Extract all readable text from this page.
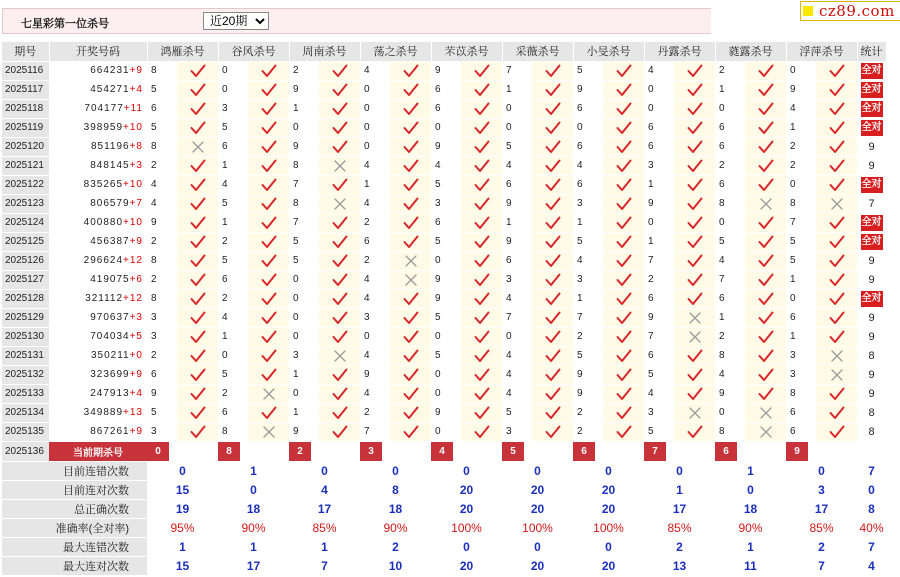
七星彩第一位杀号
近20期
cz89.com
期号	开奖号码	鸿雁杀号		谷风杀号		周南杀号		荡之杀号		芣苡杀号		采薇杀号		小旻杀号		丹露杀号		蕤露杀号		浮萍杀号		统计
2025116	664231+9	8		0		2		4		9		7		5		4		2		0		全对
2025117	454271+4	5		0		9		0		6		1		9		0		1		9		全对
2025118	704177+11	6		3		1		0		6		0		6		0		0		4		全对
2025119	398959+10	5		5		0		0		0		0		0		6		6		1		全对
2025120	851196+8	8		6		9		0		9		5		6		6		6		2		9
2025121	848145+3	2		1		8		4		4		4		4		3		2		2		9
2025122	835265+10	4		4		7		1		5		6		6		1		6		0		全对
2025123	806579+7	4		5		8		4		3		9		3		9		8		8		7
2025124	400880+10	9		1		7		2		6		1		1		0		0		7		全对
2025125	456387+9	2		2		5		6		5		9		5		1		5		5		全对
2025126	296624+12	8		5		5		2		0		6		4		7		4		5		9
2025127	419075+6	2		6		0		4		9		3		3		2		7		1		9
2025128	321112+12	8		2		0		4		9		4		1		6		6		0		全对
2025129	970637+3	3		4		0		3		5		7		7		9		1		6		9
2025130	704034+5	3		1		0		0		0		0		2		7		2		1		9
2025131	350211+0	2		0		3		4		5		4		5		6		8		3		8
2025132	323699+9	6		5		1		9		0		4		9		5		4		3		9
2025133	247913+4	9		2		0		4		0		4		9		4		9		8		9
2025134	349889+13	5		6		1		2		9		5		2		3		0		6		8
2025135	867261+9	3		8		9		7		0		3		2		5		8		6		8
2025136	当前期杀号	0		8		2		3		4		5		6		7		6		9		
目前连错次数		0		1		0		0		0		0		0		0		1		0		7
目前连对次数		15		0		4		8		20		20		20		1		0		3		0
总正确次数		19		18		17		18		20		20		20		17		18		17		8
准确率(全对率)		95%		90%		85%		90%		100%		100%		100%		85%		90%		85%		40%
最大连错次数		1		1		1		2		0		0		0		2		1		2		7
最大连对次数		15		17		7		10		20		20		20		13		11		7		4
